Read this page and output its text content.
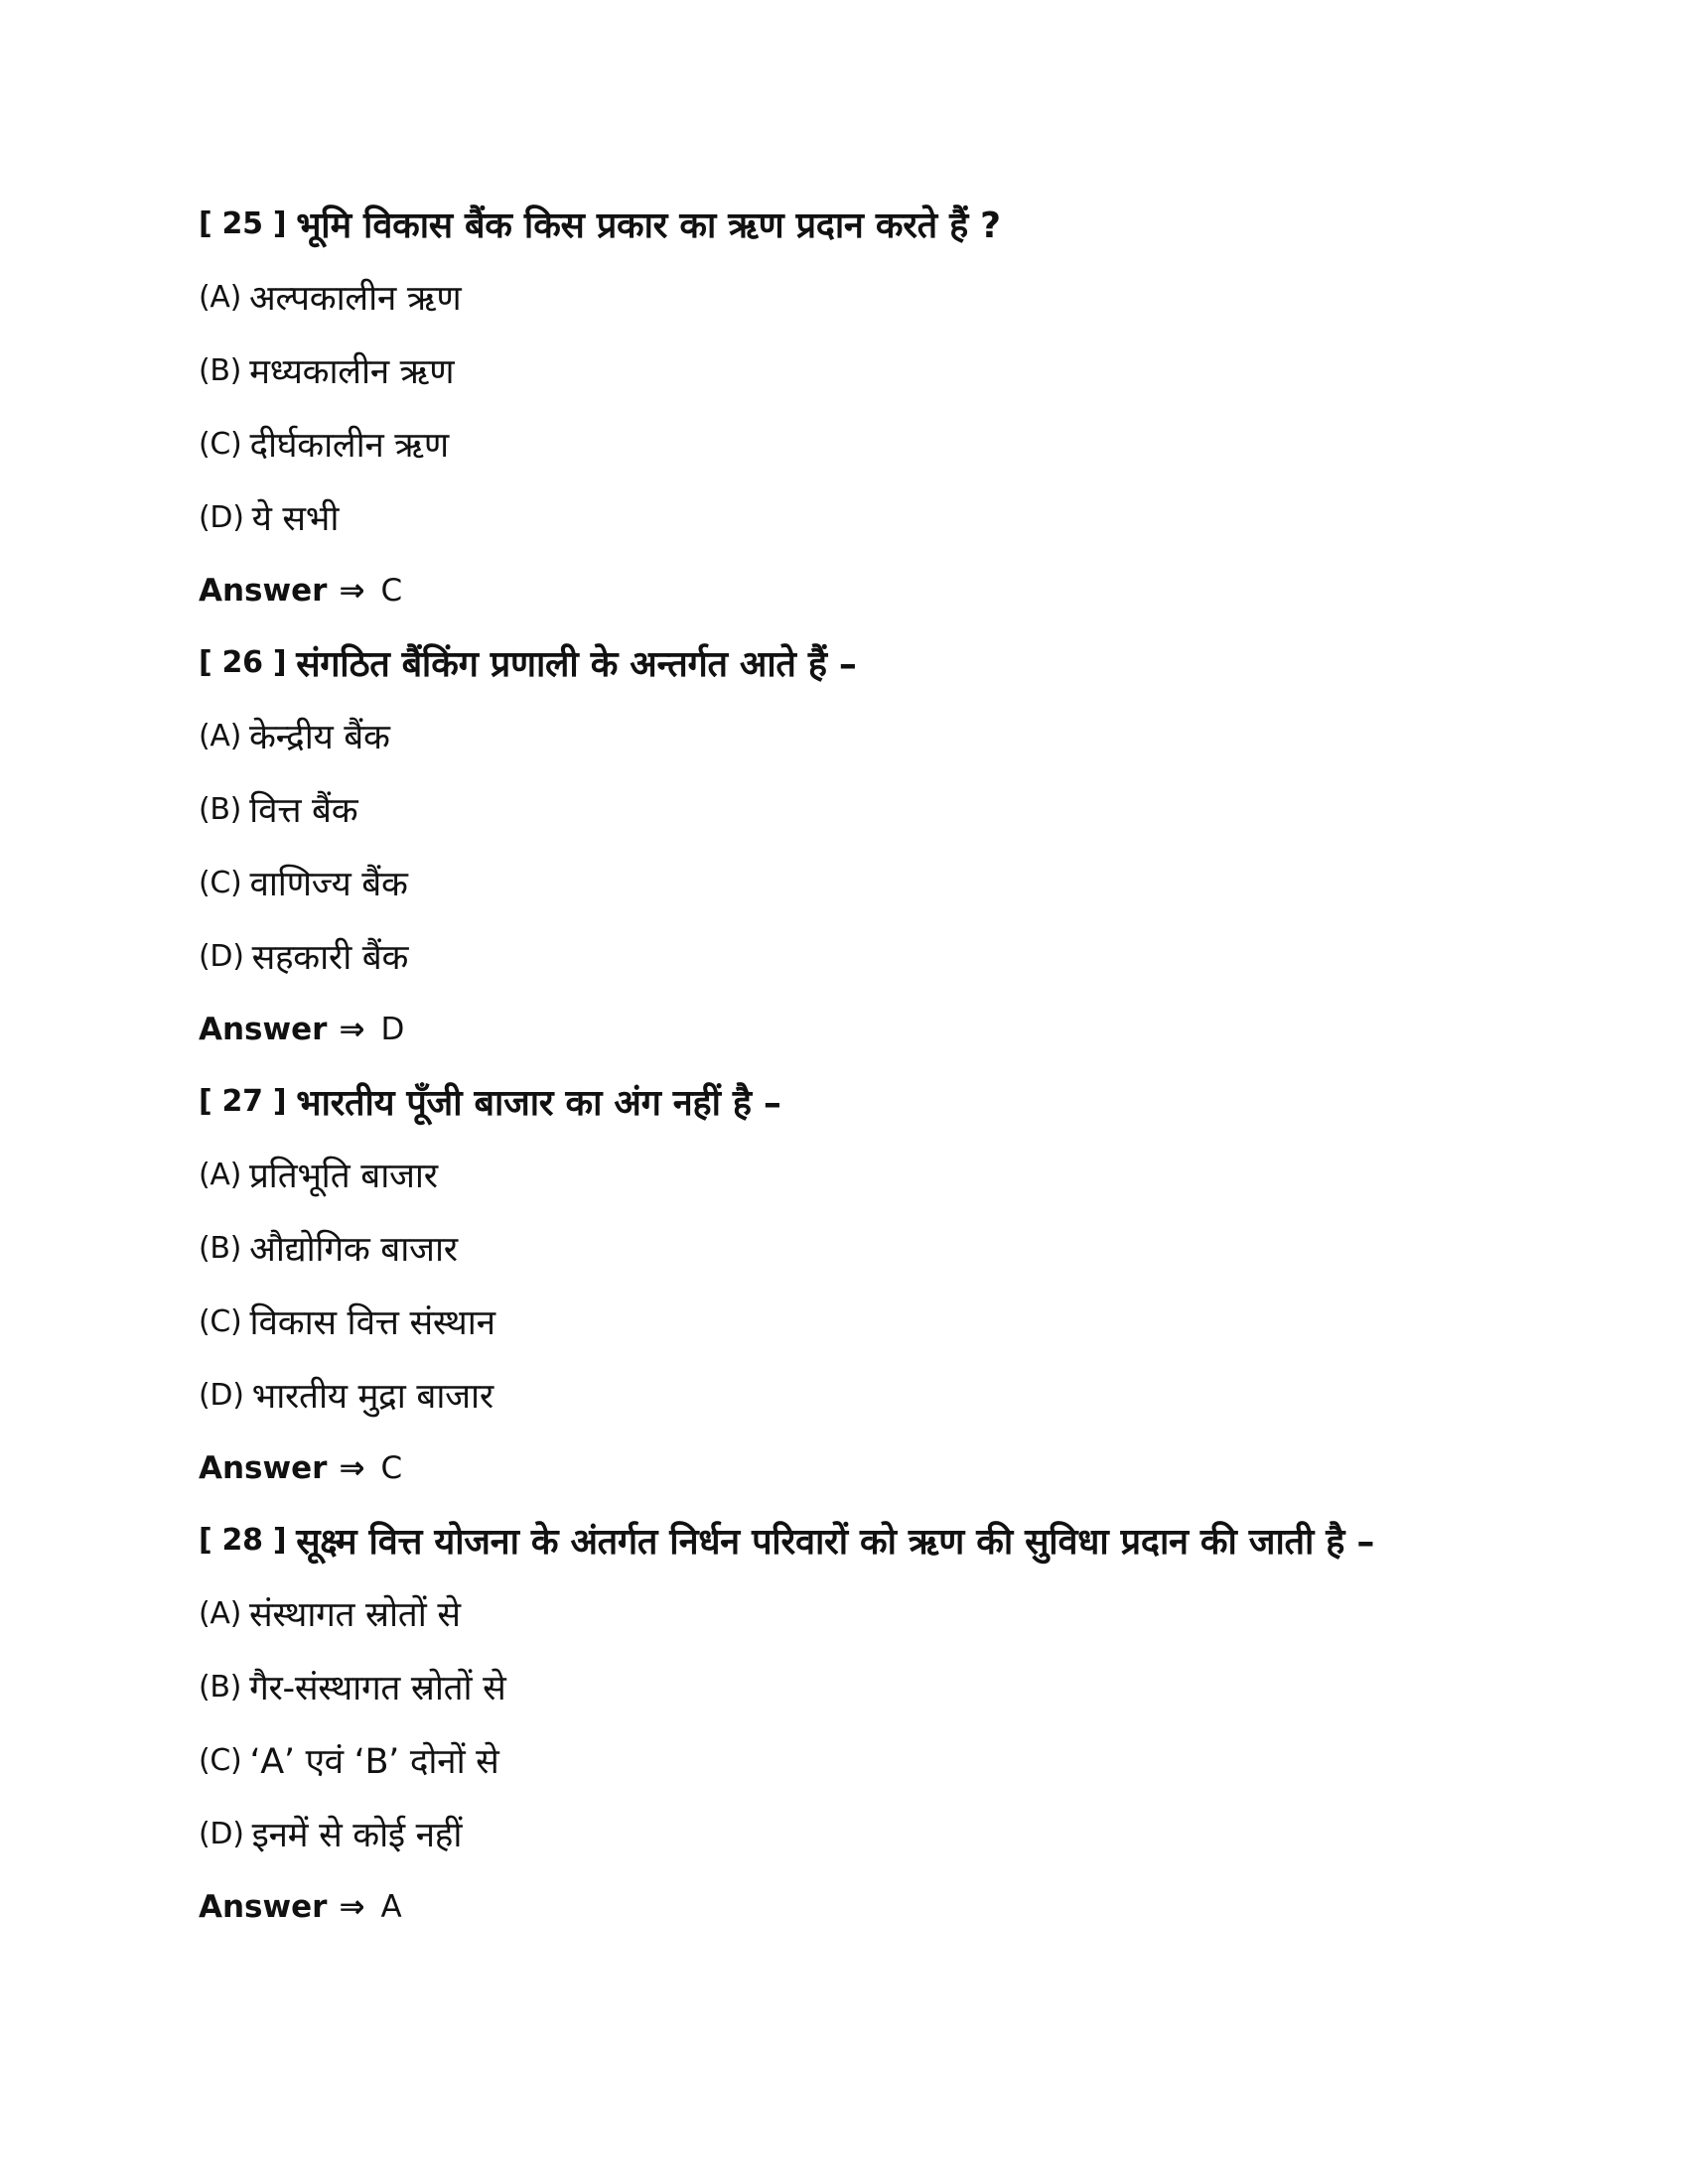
[ 25 ] भूमि विकास बैंक किस प्रकार का ऋण प्रदान करते हैं ?
(A) अल्पकालीन ऋण
(B) मध्यकालीन ऋण
(C) दीर्घकालीन ऋण
(D) ये सभी
Answer ⇒ C
[ 26 ] संगठित बैंकिंग प्रणाली के अन्तर्गत आते हैं –
(A) केन्द्रीय बैंक
(B) वित्त बैंक
(C) वाणिज्य बैंक
(D) सहकारी बैंक
Answer ⇒ D
[ 27 ] भारतीय पूँजी बाजार का अंग नहीं है –
(A) प्रतिभूति बाजार
(B) औद्योगिक बाजार
(C) विकास वित्त संस्थान
(D) भारतीय मुद्रा बाजार
Answer ⇒ C
[ 28 ] सूक्ष्म वित्त योजना के अंतर्गत निर्धन परिवारों को ऋण की सुविधा प्रदान की जाती है –
(A) संस्थागत स्रोतों से
(B) गैर-संस्थागत स्रोतों से
(C) ‘A’ एवं ‘B’ दोनों से
(D) इनमें से कोई नहीं
Answer ⇒ A
